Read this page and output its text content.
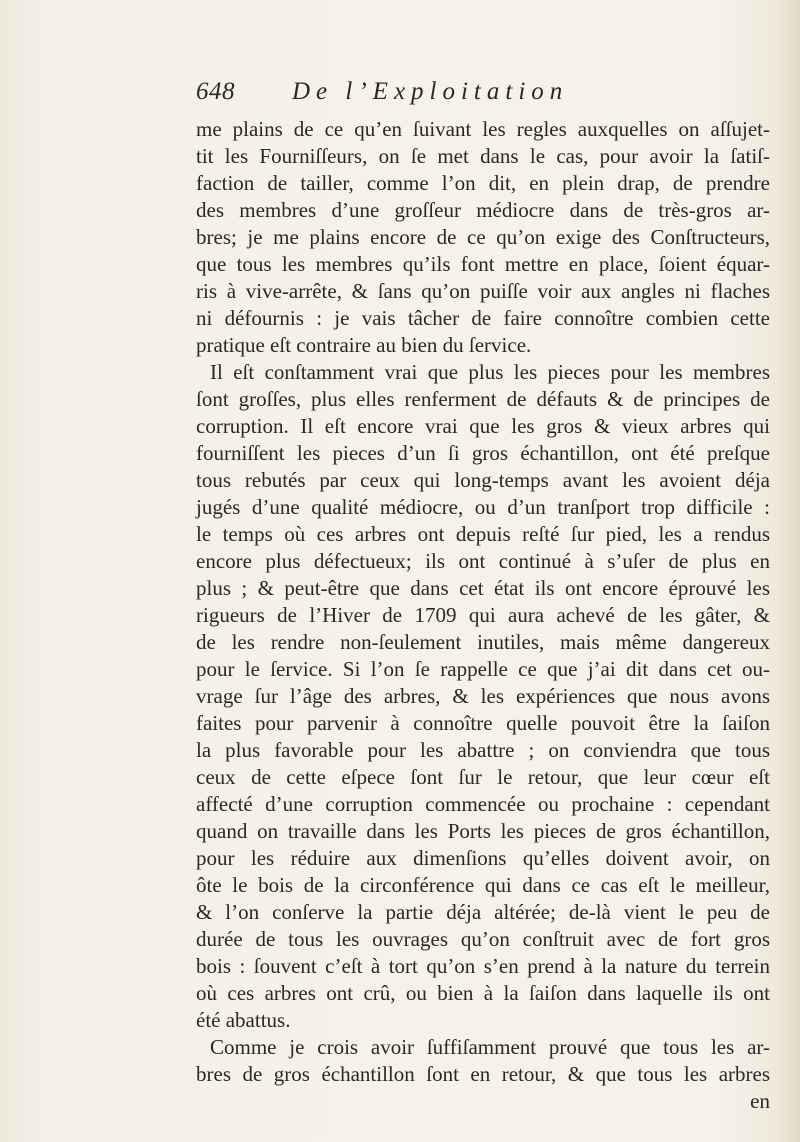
648 De l’Exploitation
me plains de ce qu’en ſuivant les regles auxquelles on aſſujet-
tit les Fourniſſeurs, on ſe met dans le cas, pour avoir la ſatiſ-
faction de tailler, comme l’on dit, en plein drap, de prendre
des membres d’une groſſeur médiocre dans de très-gros ar-
bres; je me plains encore de ce qu’on exige des Conſtructeurs,
que tous les membres qu’ils font mettre en place, ſoient équar-
ris à vive-arrête, & ſans qu’on puiſſe voir aux angles ni flaches
ni défournis : je vais tâcher de faire connoître combien cette
pratique eſt contraire au bien du ſervice.
Il eſt conſtamment vrai que plus les pieces pour les membres
ſont groſſes, plus elles renferment de défauts & de principes de
corruption. Il eſt encore vrai que les gros & vieux arbres qui
fourniſſent les pieces d’un ſi gros échantillon, ont été preſque
tous rebutés par ceux qui long-temps avant les avoient déja
jugés d’une qualité médiocre, ou d’un tranſport trop difficile :
le temps où ces arbres ont depuis reſté ſur pied, les a rendus
encore plus défectueux; ils ont continué à s’uſer de plus en
plus ; & peut-être que dans cet état ils ont encore éprouvé les
rigueurs de l’Hiver de 1709 qui aura achevé de les gâter, &
de les rendre non-ſeulement inutiles, mais même dangereux
pour le ſervice. Si l’on ſe rappelle ce que j’ai dit dans cet ou-
vrage ſur l’âge des arbres, & les expériences que nous avons
faites pour parvenir à connoître quelle pouvoit être la ſaiſon
la plus favorable pour les abattre ; on conviendra que tous
ceux de cette eſpece ſont ſur le retour, que leur cœur eſt
affecté d’une corruption commencée ou prochaine : cependant
quand on travaille dans les Ports les pieces de gros échantillon,
pour les réduire aux dimenſions qu’elles doivent avoir, on
ôte le bois de la circonférence qui dans ce cas eſt le meilleur,
& l’on conſerve la partie déja altérée; de-là vient le peu de
durée de tous les ouvrages qu’on conſtruit avec de fort gros
bois : ſouvent c’eſt à tort qu’on s’en prend à la nature du terrein
où ces arbres ont crû, ou bien à la ſaiſon dans laquelle ils ont
été abattus.
Comme je crois avoir ſuffiſamment prouvé que tous les ar-
bres de gros échantillon ſont en retour, & que tous les arbres
en
